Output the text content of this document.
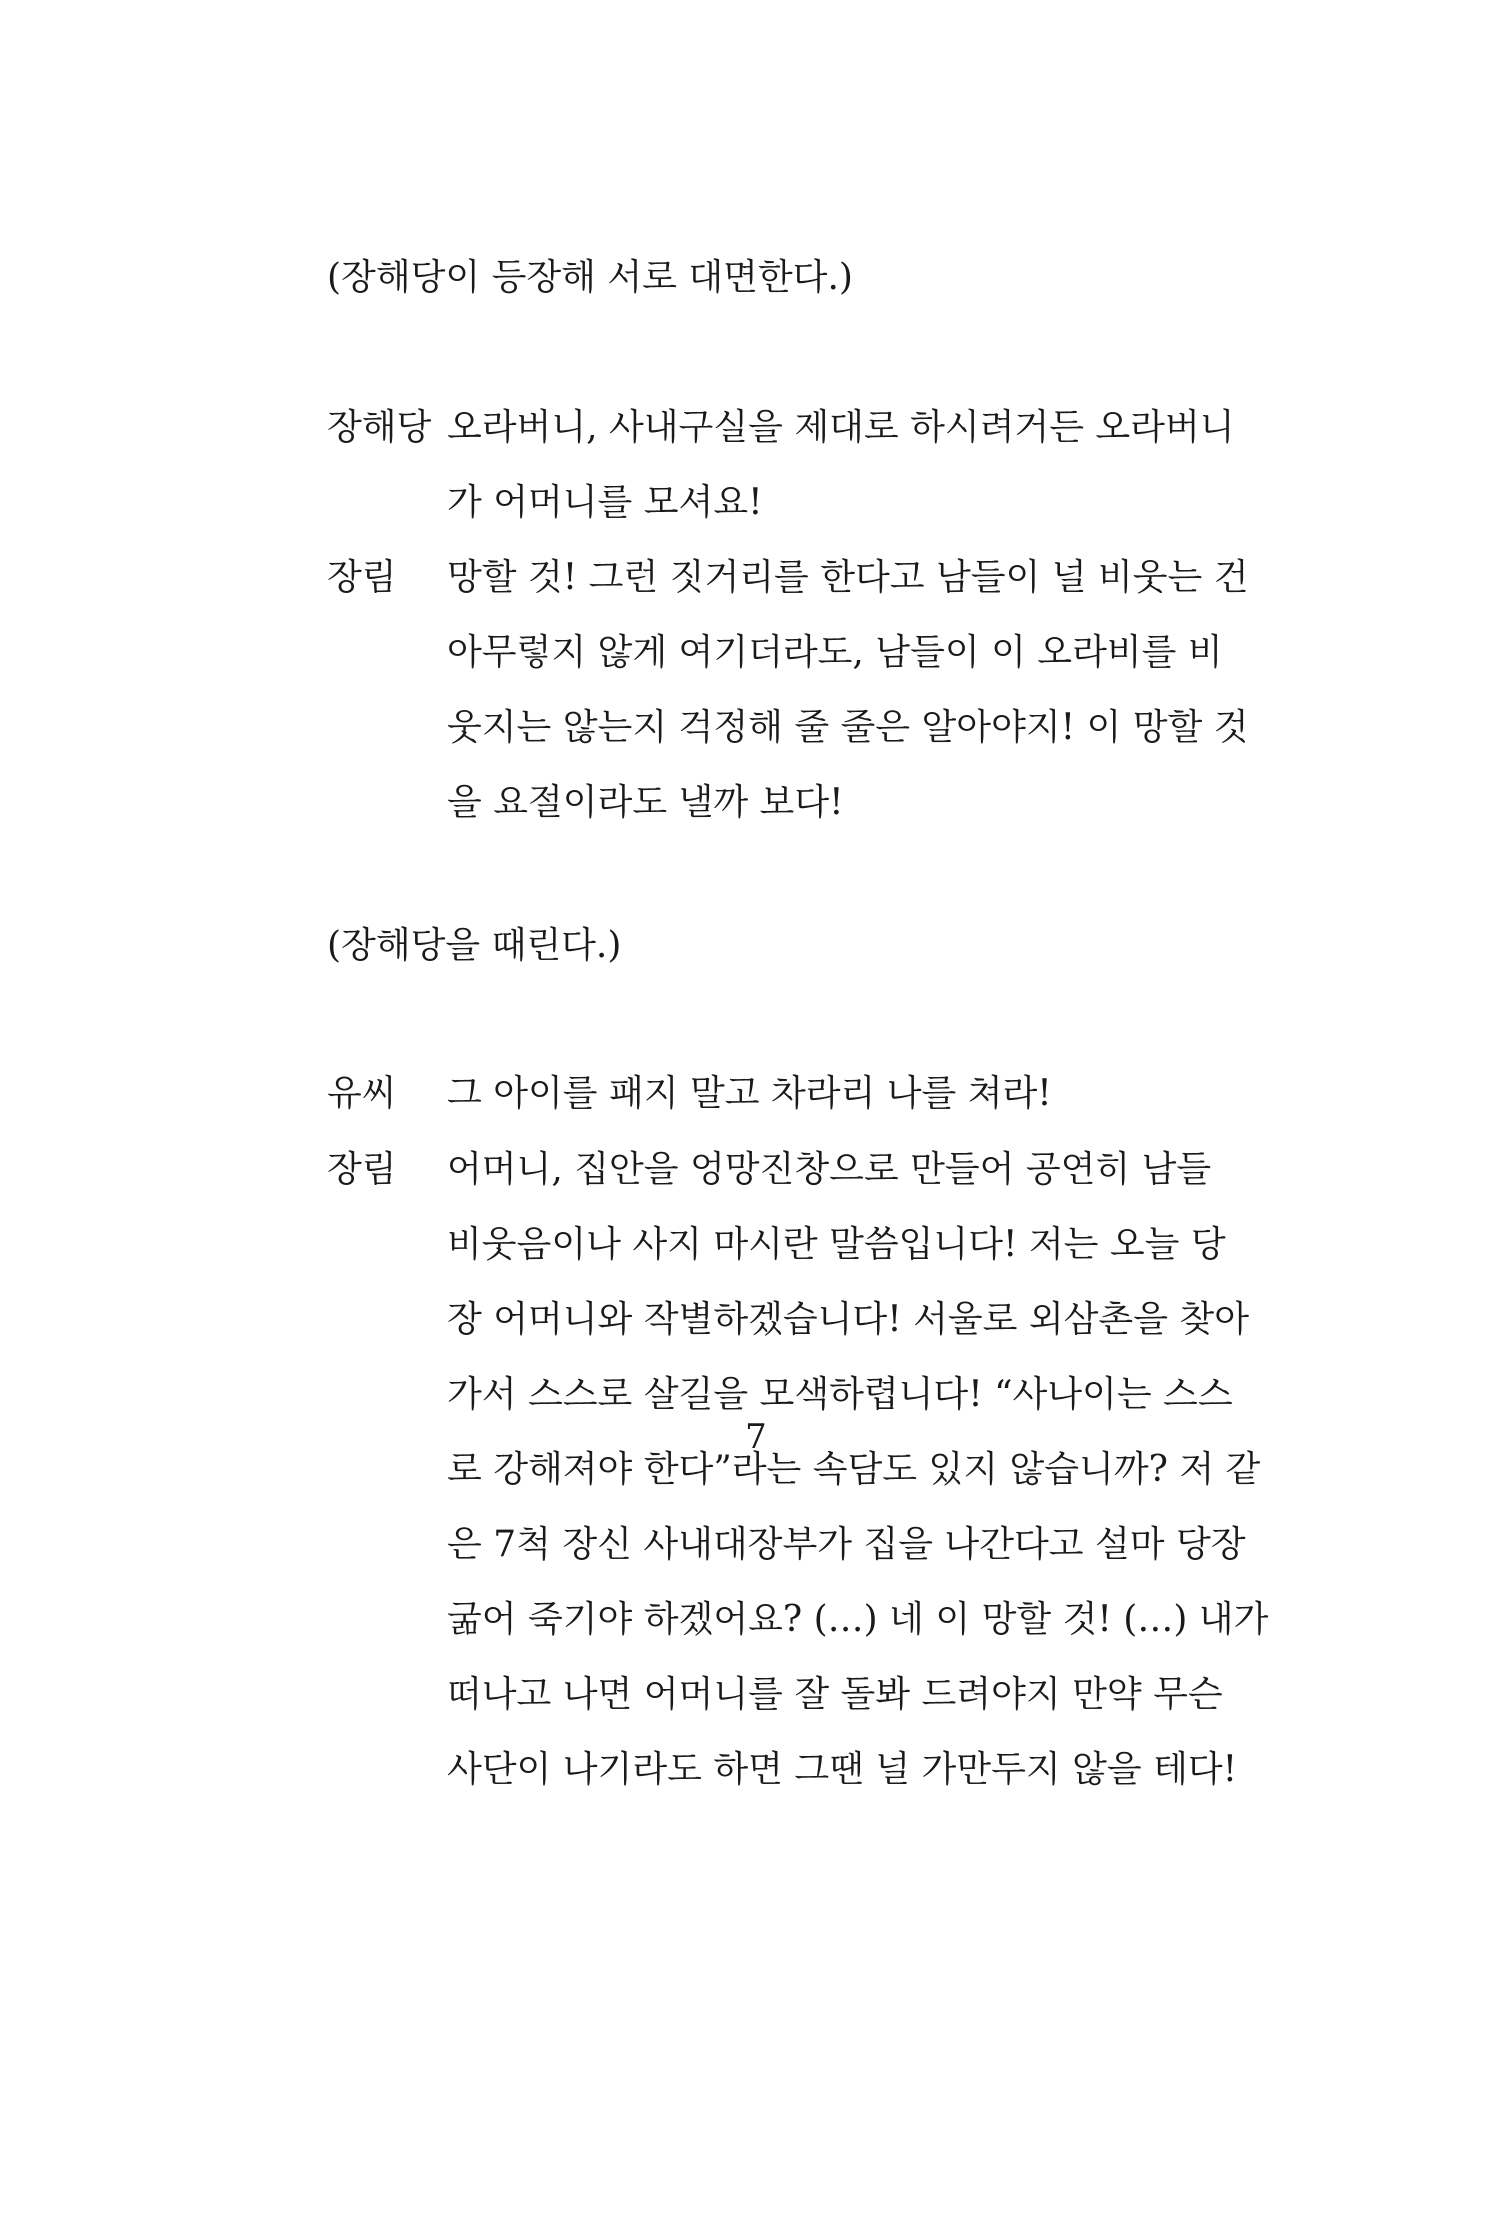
(장해당이 등장해 서로 대면한다.)
장해당 오라버니, 사내구실을 제대로 하시려거든 오라버니
가 어머니를 모셔요!
장림 망할 것! 그런 짓거리를 한다고 남들이 널 비웃는 건
아무렇지 않게 여기더라도, 남들이 이 오라비를 비
웃지는 않는지 걱정해 줄 줄은 알아야지! 이 망할 것
을 요절이라도 낼까 보다!
(장해당을 때린다.)
유씨 그 아이를 패지 말고 차라리 나를 쳐라!
장림 어머니, 집안을 엉망진창으로 만들어 공연히 남들
비웃음이나 사지 마시란 말씀입니다! 저는 오늘 당
장 어머니와 작별하겠습니다! 서울로 외삼촌을 찾아
가서 스스로 살길을 모색하렵니다! “사나이는 스스
로 강해져야 한다”라는 속담도 있지 않습니까? 저 같
은 7척 장신 사내대장부가 집을 나간다고 설마 당장
굶어 죽기야 하겠어요? (…) 네 이 망할 것! (…) 내가
떠나고 나면 어머니를 잘 돌봐 드려야지 만약 무슨
사단이 나기라도 하면 그땐 널 가만두지 않을 테다!
7
